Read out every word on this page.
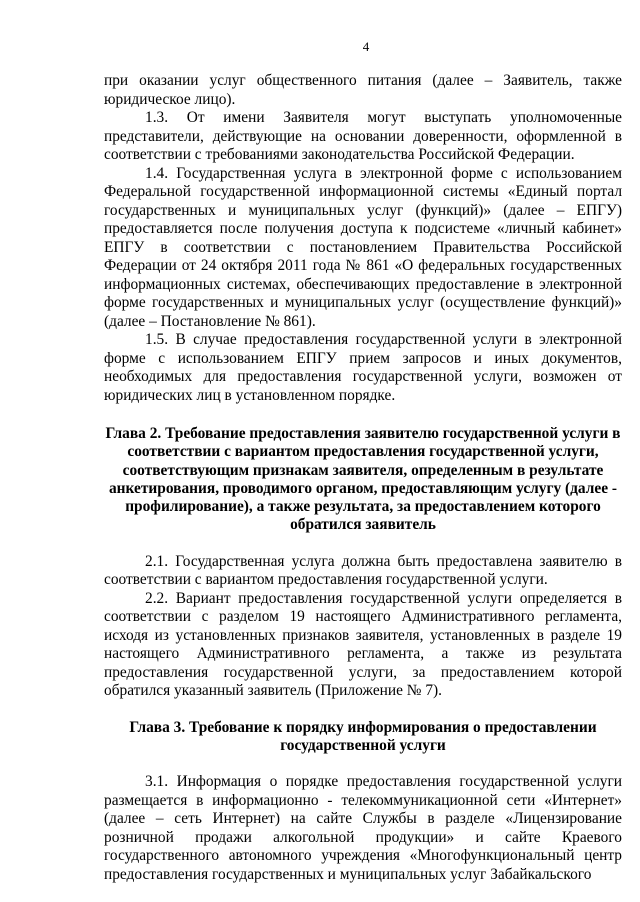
4

при оказании услуг общественного питания (далее – Заявитель, также юридическое лицо).

1.3. От имени Заявителя могут выступать уполномоченные представители, действующие на основании доверенности, оформленной в соответствии с требованиями законодательства Российской Федерации.

1.4. Государственная услуга в электронной форме с использованием Федеральной государственной информационной системы «Единый портал государственных и муниципальных услуг (функций)» (далее – ЕПГУ) предоставляется после получения доступа к подсистеме «личный кабинет» ЕПГУ в соответствии с постановлением Правительства Российской Федерации от 24 октября 2011 года № 861 «О федеральных государственных информационных системах, обеспечивающих предоставление в электронной форме государственных и муниципальных услуг (осуществление функций)» (далее – Постановление № 861).

1.5. В случае предоставления государственной услуги в электронной форме с использованием ЕПГУ прием запросов и иных документов, необходимых для предоставления государственной услуги, возможен от юридических лиц в установленном порядке.

Глава 2. Требование предоставления заявителю государственной услуги в соответствии с вариантом предоставления государственной услуги, соответствующим признакам заявителя, определенным в результате анкетирования, проводимого органом, предоставляющим услугу (далее - профилирование), а также результата, за предоставлением которого обратился заявитель

2.1. Государственная услуга должна быть предоставлена заявителю в соответствии с вариантом предоставления государственной услуги.

2.2. Вариант предоставления государственной услуги определяется в соответствии с разделом 19 настоящего Административного регламента, исходя из установленных признаков заявителя, установленных в разделе 19 настоящего Административного регламента, а также из результата предоставления государственной услуги, за предоставлением которой обратился указанный заявитель (Приложение № 7).

Глава 3. Требование к порядку информирования о предоставлении государственной услуги

3.1. Информация о порядке предоставления государственной услуги размещается в информационно - телекоммуникационной сети «Интернет» (далее – сеть Интернет) на сайте Службы в разделе «Лицензирование розничной продажи алкогольной продукции» и сайте Краевого государственного автономного учреждения «Многофункциональный центр предоставления государственных и муниципальных услуг Забайкальского
